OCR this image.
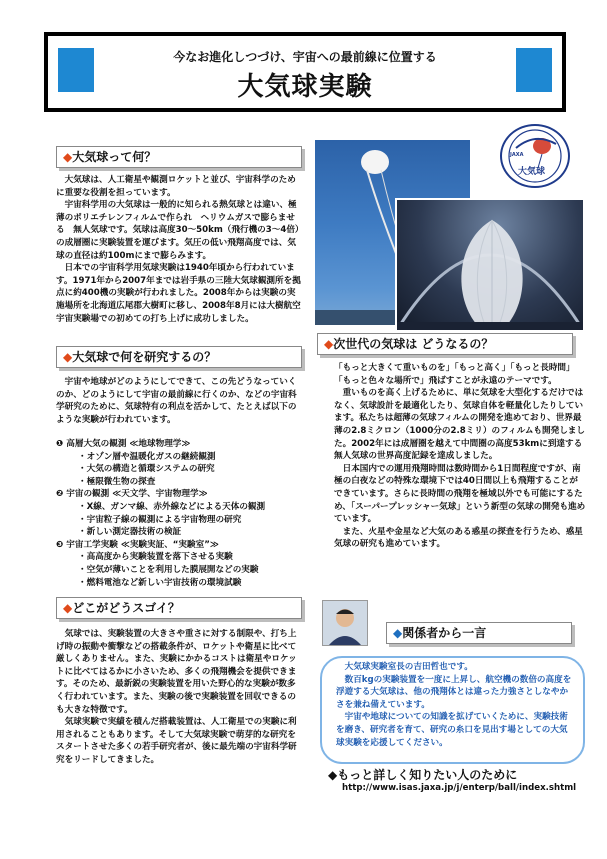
今なお進化しつづけ、宇宙への最前線に位置する
大気球実験
◆大気球って何？

大気球は、人工衛星や観測ロケットと並び、宇宙科学のために重要な役割を担っています。

宇宙科学用の大気球は一般的に知られる熱気球とは違い、極薄のポリエチレンフィルムで作られ　ヘリウムガスで膨らませる　無人気球です。気球は高度30～50km（飛行機の3～4倍）の成層圏に実験装置を運びます。気圧の低い飛翔高度では、気球の直径は約100mにまで膨らみます。

日本での宇宙科学用気球実験は1940年頃から行われています。1971年から2007年までは岩手県の三陸大気球観測所を拠点に約400機の実験が行われました。2008年からは実験の実施場所を北海道広尾郡大樹町に移し、2008年8月には大樹航空宇宙実験場での初めての打ち上げに成功しました。

◆大気球で何を研究するの？

宇宙や地球がどのようにしてできて、この先どうなっていくのか、どのようにして宇宙の最前線に行くのか、などの宇宙科学研究のために、気球特有の利点を活かして、たとえば以下のような実験が行われています。

❶ 高層大気の観測 ≪地球物理学≫

・オゾン層や温暖化ガスの継続観測

・大気の構造と循環システムの研究

・極限微生物の探査

❷ 宇宙の観測 ≪天文学、宇宙物理学≫

・X線、ガンマ線、赤外線などによる天体の観測

・宇宙粒子線の観測による宇宙物理の研究

・新しい測定器技術の検証

❸ 宇宙工学実験 ≪実験実証、“実験室”≫

・高高度から実験装置を落下させる実験

・空気が薄いことを利用した膜展開などの実験

・燃料電池など新しい宇宙技術の環境試験

◆どこがどうスゴイ？

気球では、実験装置の大きさや重さに対する制限や、打ち上げ時の振動や衝撃などの搭載条件が、ロケットや衛星に比べて厳しくありません。また、実験にかかるコストは衛星やロケットに比べてはるかに小さいため、多くの飛翔機会を提供できます。そのため、最新鋭の実験装置を用いた野心的な実験が数多く行われています。また、実験の後で実験装置を回収できるのも大きな特徴です。

気球実験で実績を積んだ搭載装置は、人工衛星での実験に利用されることもあります。そして大気球実験で萌芽的な研究をスタートさせた多くの若手研究者が、後に最先端の宇宙科学研究をリードしてきました。

大気球
JAXA
◆次世代の気球は どうなるの？

「もっと大きくて重いものを」「もっと高く」「もっと長時間」「もっと色々な場所で」飛ばすことが永遠のテーマです。

重いものを高く上げるために、単に気球を大型化するだけではなく、気球設計を最適化したり、気球自体を軽量化したりしています。私たちは超薄の気球フィルムの開発を進めており、世界最薄の2.8ミクロン（1000分の2.8ミリ）のフィルムも開発しました。2002年には成層圏を越えて中間圏の高度53kmに到達する無人気球の世界高度記録を達成しました。

日本国内での運用飛翔時間は数時間から1日間程度ですが、南極の白夜などの特殊な環境下では40日間以上も飛翔することができています。さらに長時間の飛翔を極域以外でも可能にするため、「スーパープレッシャー気球」という新型の気球の開発も進めています。

また、火星や金星など大気のある惑星の探査を行うため、惑星気球の研究も進めています。

◆関係者から一言

大気球実験室長の吉田哲也です。

数百kgの実験装置を一度に上昇し、航空機の数倍の高度を浮遊する大気球は、他の飛翔体とは違った力強さとしなやかさを兼ね備えています。

宇宙や地球についての知識を拡げていくために、実験技術を磨き、研究者を育て、研究の糸口を見出す場としての大気球実験を応援してください。

◆もっと詳しく知りたい人のために
http://www.isas.jaxa.jp/j/enterp/ball/index.shtml
